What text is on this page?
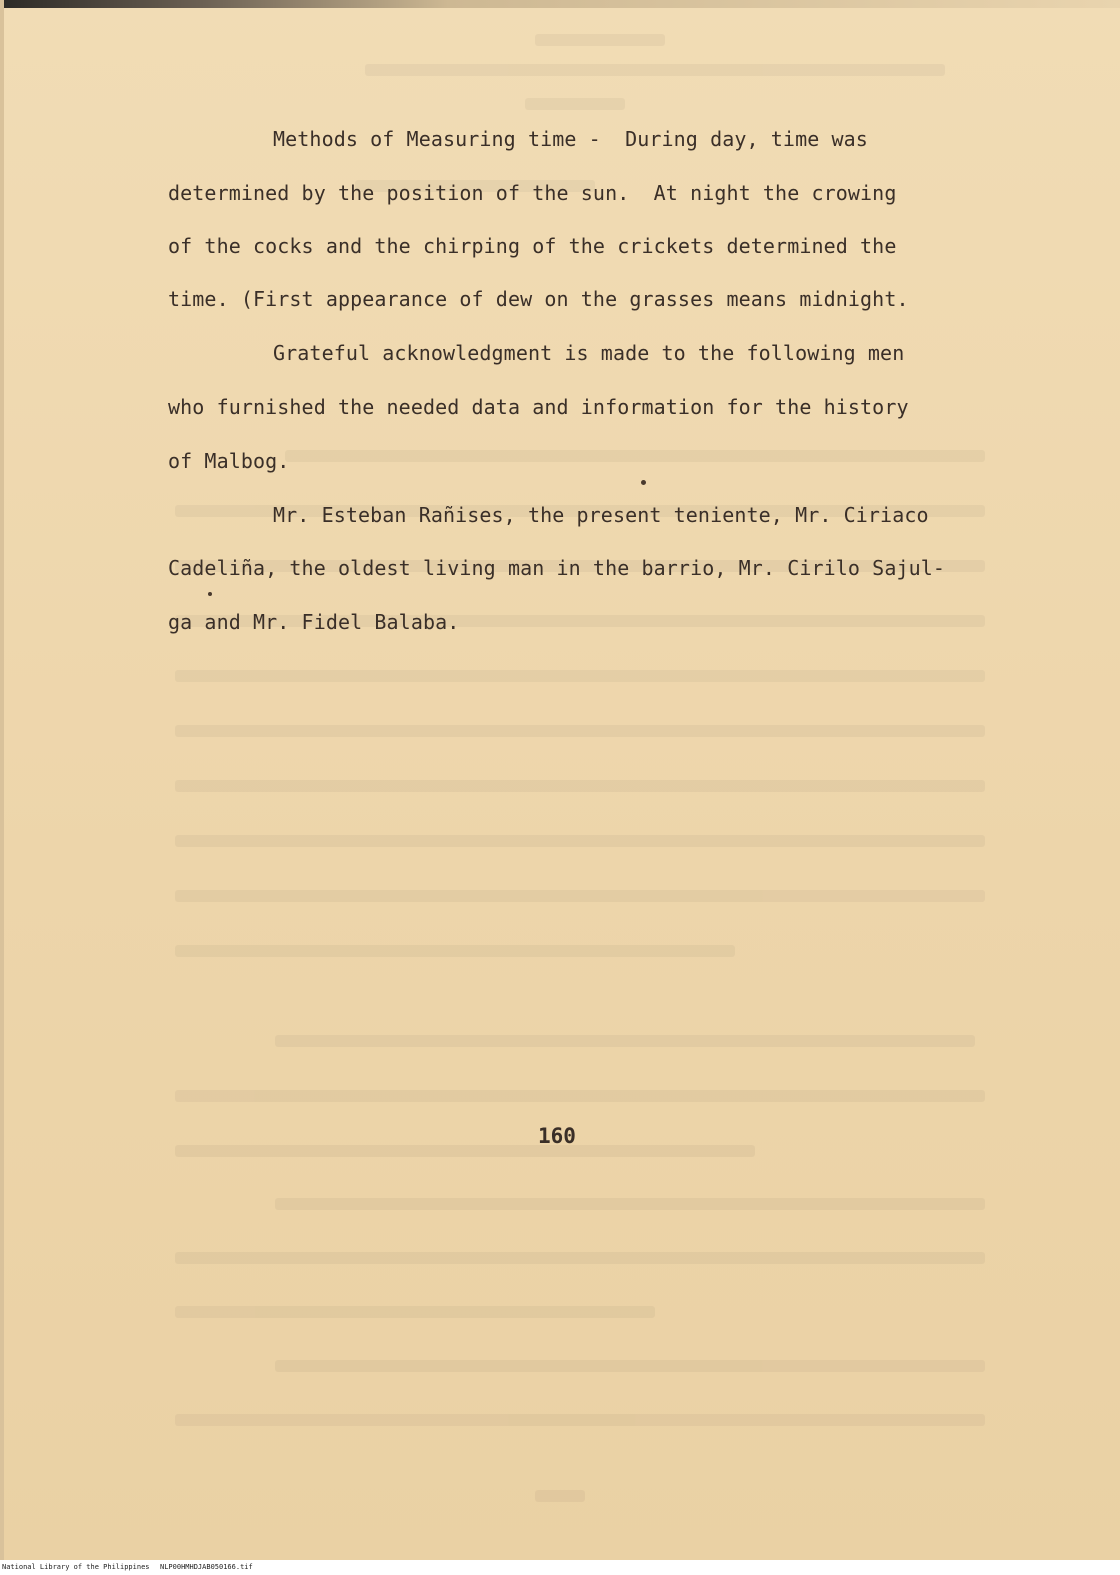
Methods of Measuring time -  During day, time was
determined by the position of the sun.  At night the crowing
of the cocks and the chirping of the crickets determined the
time. (First appearance of dew on the grasses means midnight.
Grateful acknowledgment is made to the following men
who furnished the needed data and information for the history
of Malbog.
Mr. Esteban Rañises, the present teniente, Mr. Ciriaco
Cadeliña, the oldest living man in the barrio, Mr. Cirilo Sajul-
ga and Mr. Fidel Balaba.
160
National Library of the Philippines NLP00HMHDJAB050166.tif
